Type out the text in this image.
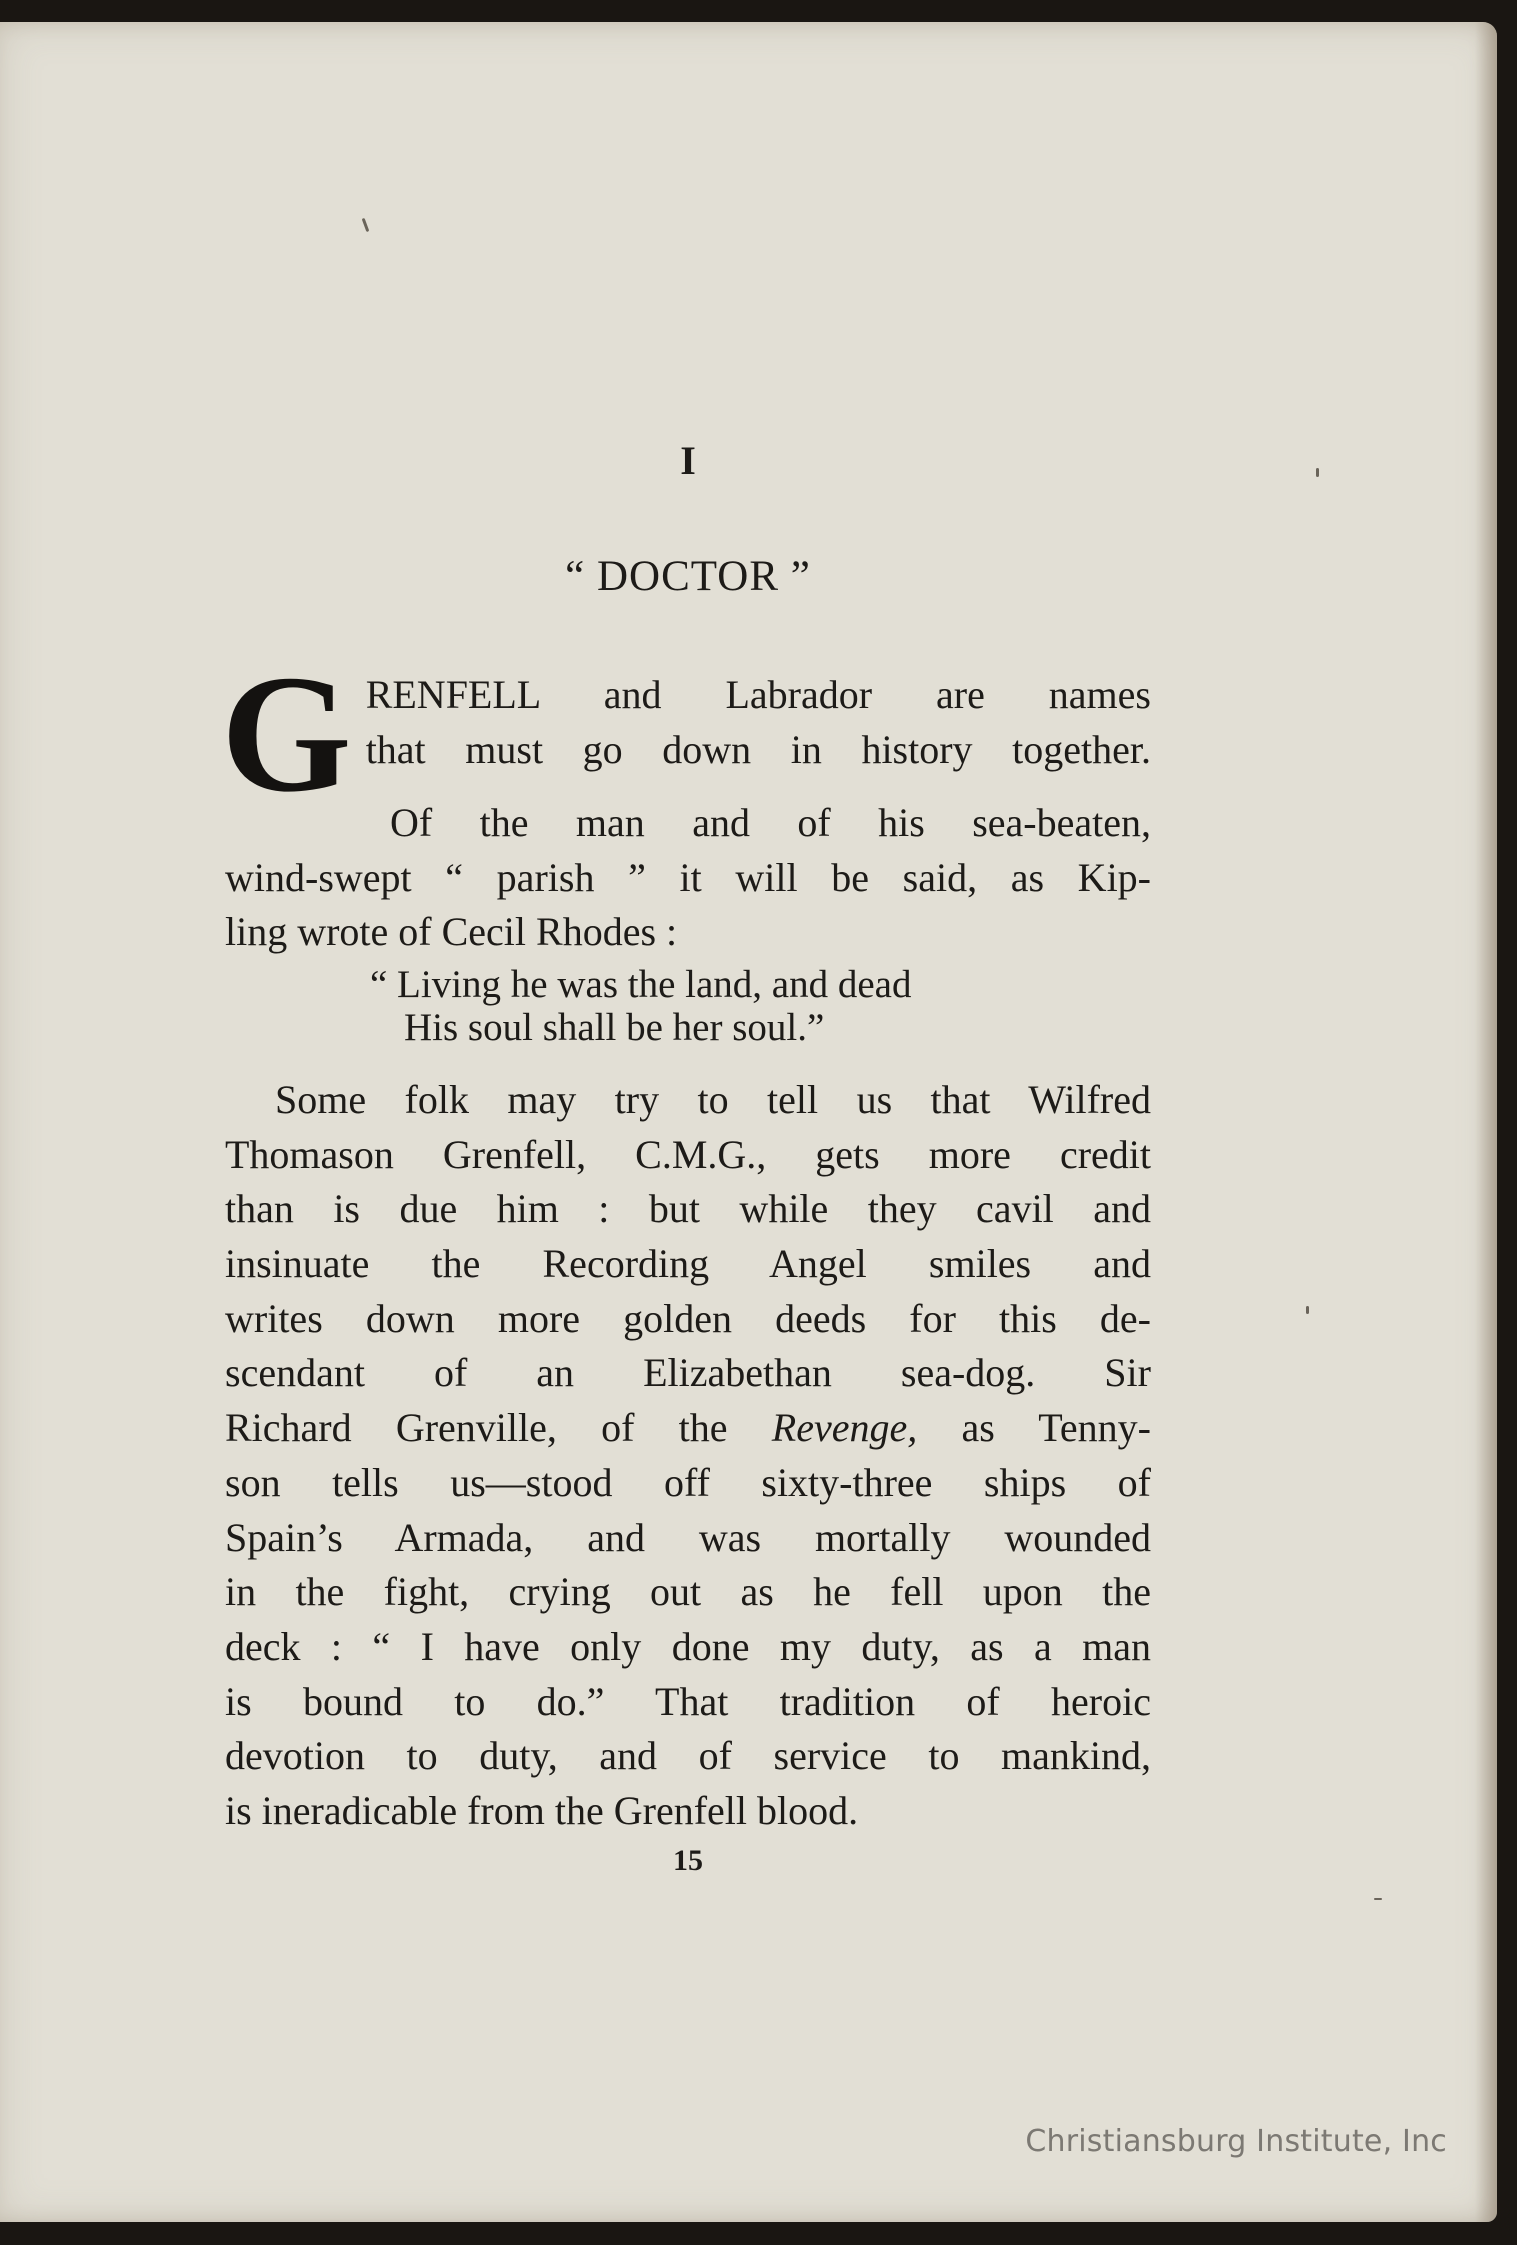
I
“ DOCTOR ”
G RENFELL and Labrador are names
that must go down in history together.
Of the man and of his sea-beaten,
wind-swept “ parish ” it will be said, as Kip-
ling wrote of Cecil Rhodes :
“ Living he was the land, and dead
His soul shall be her soul.”
Some folk may try to tell us that Wilfred
Thomason Grenfell, C.M.G., gets more credit
than is due him : but while they cavil and
insinuate the Recording Angel smiles and
writes down more golden deeds for this de-
scendant of an Elizabethan sea-dog. Sir
Richard Grenville, of the Revenge, as Tenny-
son tells us—stood off sixty-three ships of
Spain’s Armada, and was mortally wounded
in the fight, crying out as he fell upon the
deck : “ I have only done my duty, as a man
is bound to do.” That tradition of heroic
devotion to duty, and of service to mankind,
is ineradicable from the Grenfell blood.

15

Christiansburg Institute, Inc
